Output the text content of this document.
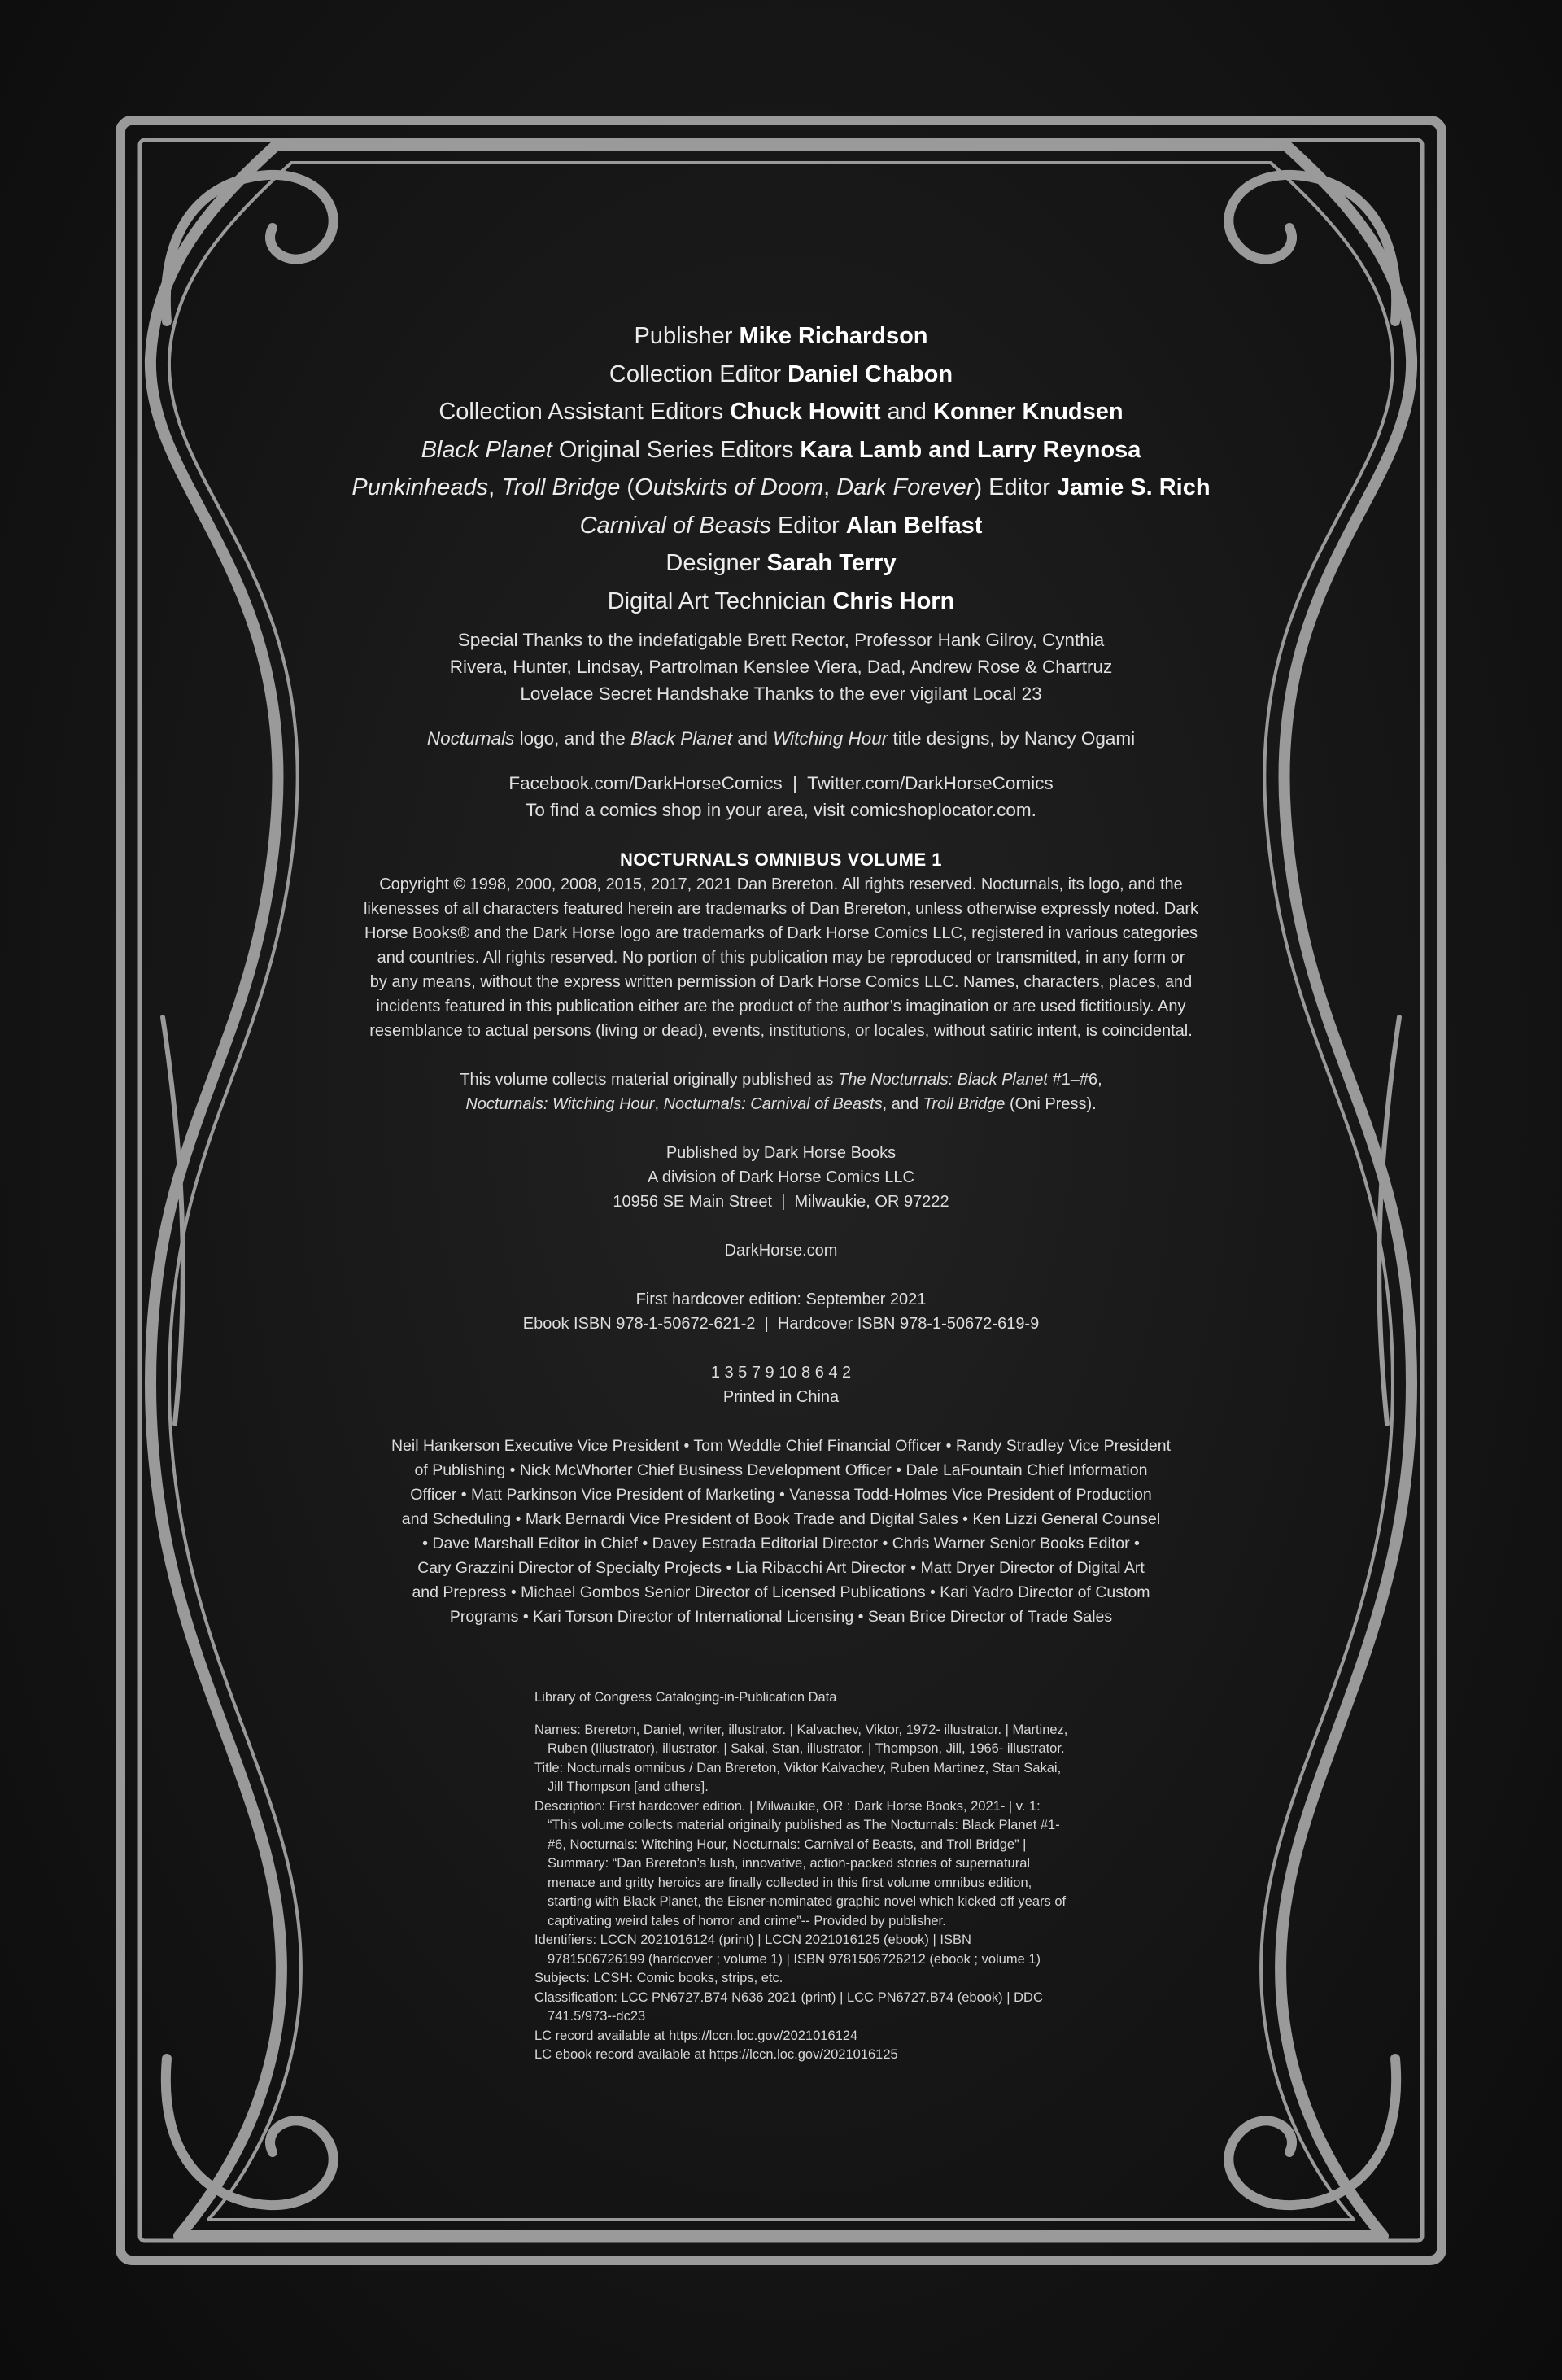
Publisher Mike Richardson
Collection Editor Daniel Chabon
Collection Assistant Editors Chuck Howitt and Konner Knudsen
Black Planet Original Series Editors Kara Lamb and Larry Reynosa
Punkinheads, Troll Bridge (Outskirts of Doom, Dark Forever) Editor Jamie S. Rich
Carnival of Beasts Editor Alan Belfast
Designer Sarah Terry
Digital Art Technician Chris Horn
Special Thanks to the indefatigable Brett Rector, Professor Hank Gilroy, Cynthia
Rivera, Hunter, Lindsay, Partrolman Kenslee Viera, Dad, Andrew Rose & Chartruz
Lovelace Secret Handshake Thanks to the ever vigilant Local 23
Nocturnals logo, and the Black Planet and Witching Hour title designs, by Nancy Ogami
Facebook.com/DarkHorseComics  |  Twitter.com/DarkHorseComics
To find a comics shop in your area, visit comicshoplocator.com.
NOCTURNALS OMNIBUS VOLUME 1
Copyright © 1998, 2000, 2008, 2015, 2017, 2021 Dan Brereton. All rights reserved. Nocturnals, its logo, and the
likenesses of all characters featured herein are trademarks of Dan Brereton, unless otherwise expressly noted. Dark
Horse Books® and the Dark Horse logo are trademarks of Dark Horse Comics LLC, registered in various categories
and countries. All rights reserved. No portion of this publication may be reproduced or transmitted, in any form or
by any means, without the express written permission of Dark Horse Comics LLC. Names, characters, places, and
incidents featured in this publication either are the product of the author’s imagination or are used fictitiously. Any
resemblance to actual persons (living or dead), events, institutions, or locales, without satiric intent, is coincidental.
This volume collects material originally published as The Nocturnals: Black Planet #1–#6,
Nocturnals: Witching Hour, Nocturnals: Carnival of Beasts, and Troll Bridge (Oni Press).
Published by Dark Horse Books
A division of Dark Horse Comics LLC
10956 SE Main Street  |  Milwaukie, OR 97222
DarkHorse.com
First hardcover edition: September 2021
Ebook ISBN 978-1-50672-621-2  |  Hardcover ISBN 978-1-50672-619-9
1 3 5 7 9 10 8 6 4 2
Printed in China
Neil Hankerson Executive Vice President • Tom Weddle Chief Financial Officer • Randy Stradley Vice President
of Publishing • Nick McWhorter Chief Business Development Officer • Dale LaFountain Chief Information
Officer • Matt Parkinson Vice President of Marketing • Vanessa Todd-Holmes Vice President of Production
and Scheduling • Mark Bernardi Vice President of Book Trade and Digital Sales • Ken Lizzi General Counsel
• Dave Marshall Editor in Chief • Davey Estrada Editorial Director • Chris Warner Senior Books Editor •
Cary Grazzini Director of Specialty Projects • Lia Ribacchi Art Director • Matt Dryer Director of Digital Art
and Prepress • Michael Gombos Senior Director of Licensed Publications • Kari Yadro Director of Custom
Programs • Kari Torson Director of International Licensing • Sean Brice Director of Trade Sales
Library of Congress Cataloging-in-Publication Data
Names: Brereton, Daniel, writer, illustrator. | Kalvachev, Viktor, 1972- illustrator. | Martinez, Ruben (Illustrator), illustrator. | Sakai, Stan, illustrator. | Thompson, Jill, 1966- illustrator.
Title: Nocturnals omnibus / Dan Brereton, Viktor Kalvachev, Ruben Martinez, Stan Sakai, Jill Thompson [and others].
Description: First hardcover edition. | Milwaukie, OR : Dark Horse Books, 2021- | v. 1: “This volume collects material originally published as The Nocturnals: Black Planet #1-#6, Nocturnals: Witching Hour, Nocturnals: Carnival of Beasts, and Troll Bridge” | Summary: “Dan Brereton’s lush, innovative, action-packed stories of supernatural menace and gritty heroics are finally collected in this first volume omnibus edition, starting with Black Planet, the Eisner-nominated graphic novel which kicked off years of captivating weird tales of horror and crime”-- Provided by publisher.
Identifiers: LCCN 2021016124 (print) | LCCN 2021016125 (ebook) | ISBN 9781506726199 (hardcover ; volume 1) | ISBN 9781506726212 (ebook ; volume 1)
Subjects: LCSH: Comic books, strips, etc.
Classification: LCC PN6727.B74 N636 2021 (print) | LCC PN6727.B74 (ebook) | DDC 741.5/973--dc23
LC record available at https://lccn.loc.gov/2021016124
LC ebook record available at https://lccn.loc.gov/2021016125
